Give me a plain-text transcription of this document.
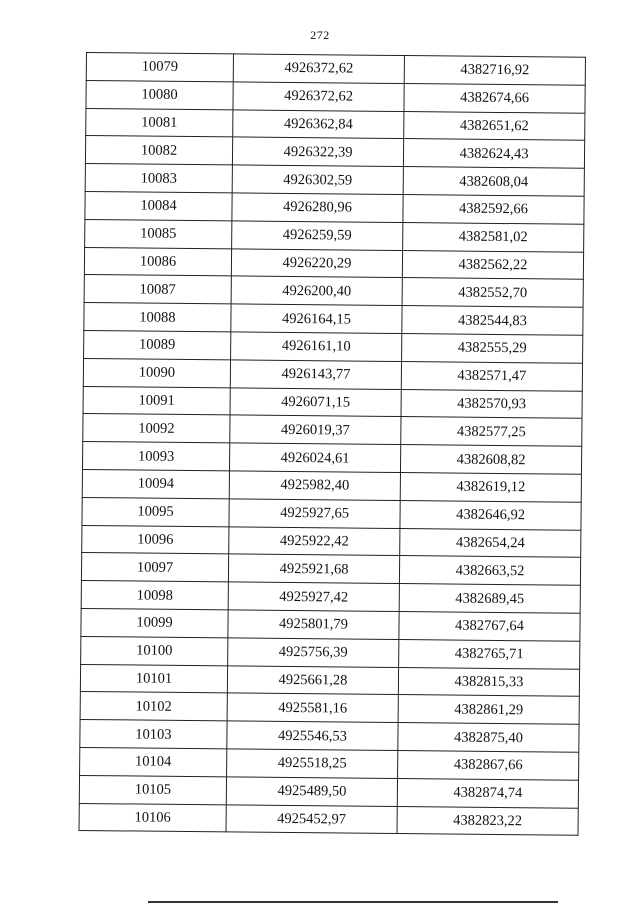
272
10079	4926372,62	4382716,92
10080	4926372,62	4382674,66
10081	4926362,84	4382651,62
10082	4926322,39	4382624,43
10083	4926302,59	4382608,04
10084	4926280,96	4382592,66
10085	4926259,59	4382581,02
10086	4926220,29	4382562,22
10087	4926200,40	4382552,70
10088	4926164,15	4382544,83
10089	4926161,10	4382555,29
10090	4926143,77	4382571,47
10091	4926071,15	4382570,93
10092	4926019,37	4382577,25
10093	4926024,61	4382608,82
10094	4925982,40	4382619,12
10095	4925927,65	4382646,92
10096	4925922,42	4382654,24
10097	4925921,68	4382663,52
10098	4925927,42	4382689,45
10099	4925801,79	4382767,64
10100	4925756,39	4382765,71
10101	4925661,28	4382815,33
10102	4925581,16	4382861,29
10103	4925546,53	4382875,40
10104	4925518,25	4382867,66
10105	4925489,50	4382874,74
10106	4925452,97	4382823,22
